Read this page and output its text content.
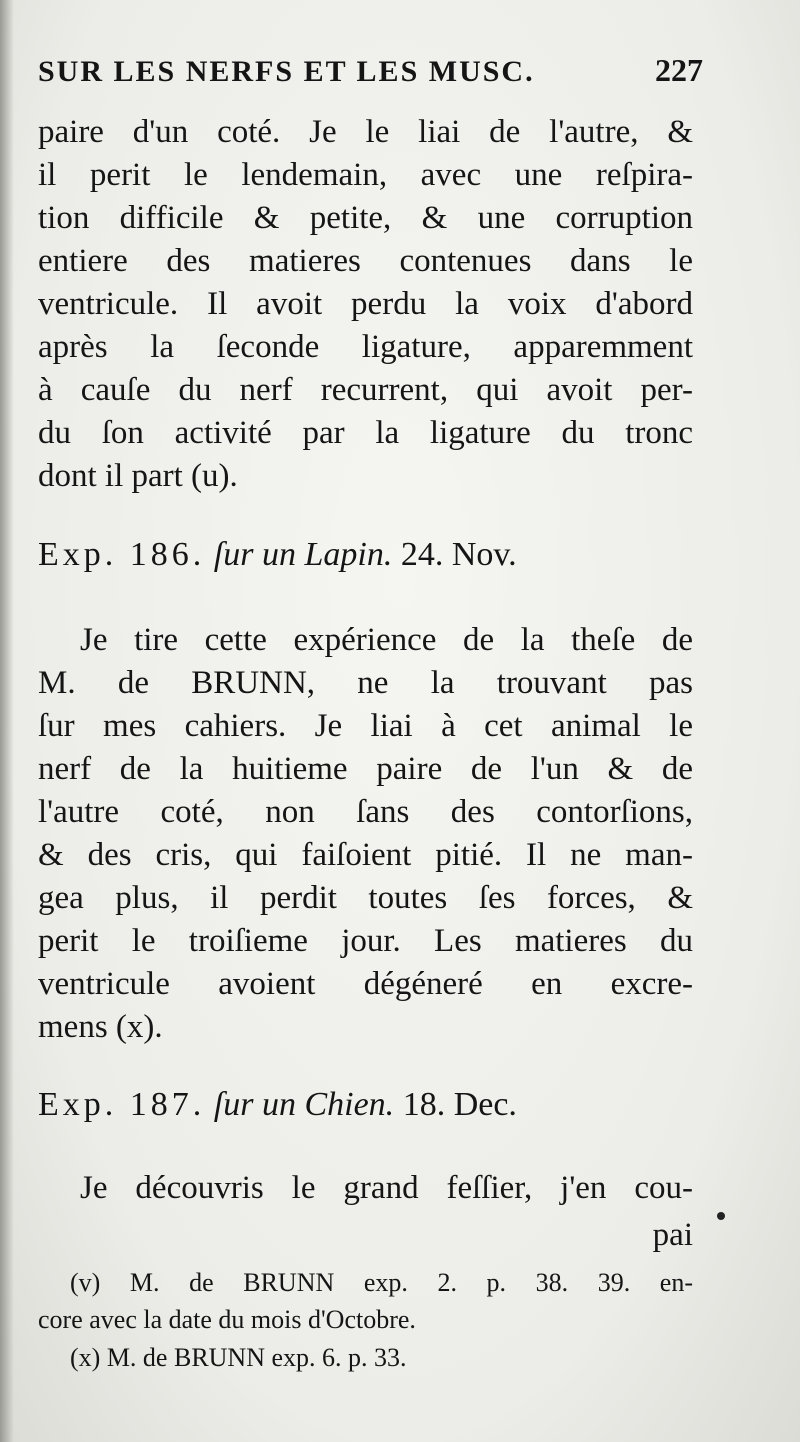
SUR LES NERFS ET LES MUSC.	227
paire d'un coté. Je le liai de l'autre, &
il perit le lendemain, avec une reſpira-
tion difficile & petite, & une corruption
entiere des matieres contenues dans le
ventricule. Il avoit perdu la voix d'abord
après la ſeconde ligature, apparemment
à cauſe du nerf recurrent, qui avoit per-
du ſon activité par la ligature du tronc
dont il part (u).
Exp. 186. ſur un Lapin. 24. Nov.
Je tire cette expérience de la theſe de
M. de BRUNN, ne la trouvant pas
ſur mes cahiers. Je liai à cet animal le
nerf de la huitieme paire de l'un & de
l'autre coté, non ſans des contorſions,
& des cris, qui faiſoient pitié. Il ne man-
gea plus, il perdit toutes ſes forces, &
perit le troiſieme jour. Les matieres du
ventricule avoient dégéneré en excre-
mens (x).
Exp. 187. ſur un Chien. 18. Dec.
Je découvris le grand feſſier, j'en cou-
pai
(v) M. de BRUNN exp. 2. p. 38. 39. en-
core avec la date du mois d'Octobre.
(x) M. de BRUNN exp. 6. p. 33.
